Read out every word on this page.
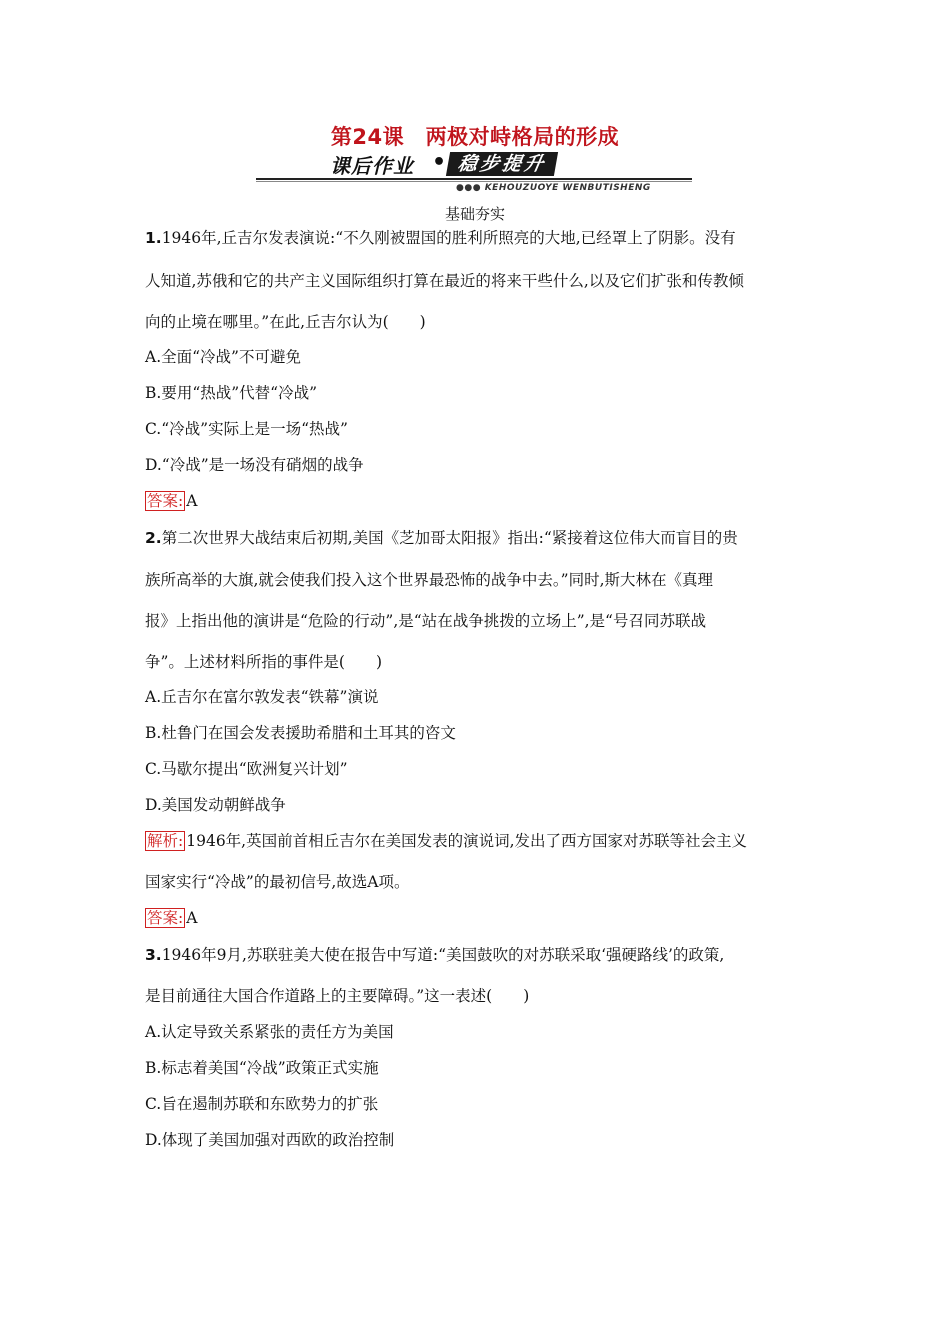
第24课　两极对峙格局的形成
课后作业 • 稳步提升
●●● KEHOUZUOYE WENBUTISHENG
基础夯实
1.1946年,丘吉尔发表演说:“不久刚被盟国的胜利所照亮的大地,已经罩上了阴影。没有
人知道,苏俄和它的共产主义国际组织打算在最近的将来干些什么,以及它们扩张和传教倾
向的止境在哪里。”在此,丘吉尔认为(　　)
A.全面“冷战”不可避免
B.要用“热战”代替“冷战”
C.“冷战”实际上是一场“热战”
D.“冷战”是一场没有硝烟的战争
答案: A
2.第二次世界大战结束后初期,美国《芝加哥太阳报》指出:“紧接着这位伟大而盲目的贵
族所高举的大旗,就会使我们投入这个世界最恐怖的战争中去。”同时,斯大林在《真理
报》上指出他的演讲是“危险的行动”,是“站在战争挑拨的立场上”,是“号召同苏联战
争”。上述材料所指的事件是(　　)
A.丘吉尔在富尔敦发表“铁幕”演说
B.杜鲁门在国会发表援助希腊和土耳其的咨文
C.马歇尔提出“欧洲复兴计划”
D.美国发动朝鲜战争
解析: 1946年,英国前首相丘吉尔在美国发表的演说词,发出了西方国家对苏联等社会主义
国家实行“冷战”的最初信号,故选A项。
答案: A
3.1946年9月,苏联驻美大使在报告中写道:“美国鼓吹的对苏联采取‘强硬路线’的政策,
是目前通往大国合作道路上的主要障碍。”这一表述(　　)
A.认定导致关系紧张的责任方为美国
B.标志着美国“冷战”政策正式实施
C.旨在遏制苏联和东欧势力的扩张
D.体现了美国加强对西欧的政治控制
